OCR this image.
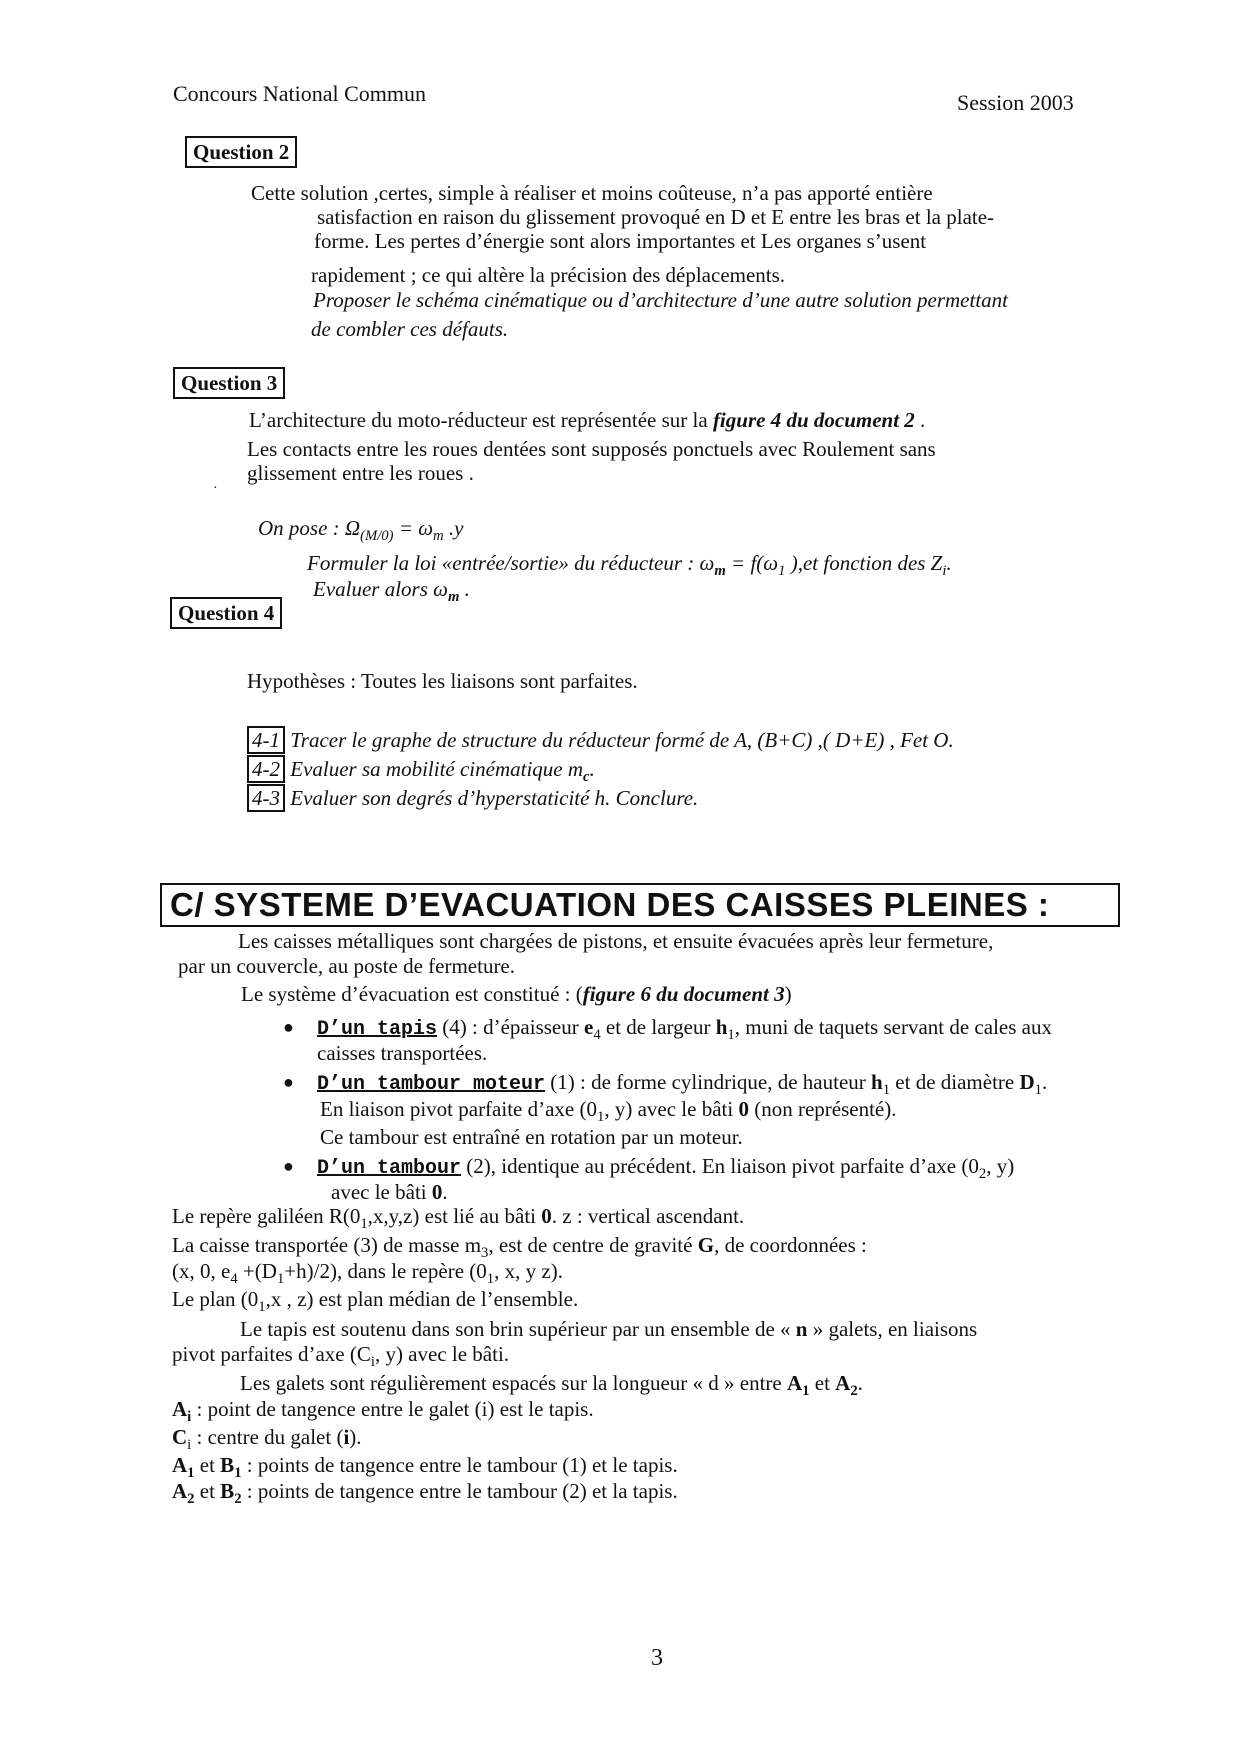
Concours National Commun	Session 2003
Question 2
Cette solution ,certes, simple à réaliser et moins coûteuse, n’a pas apporté entière
satisfaction en raison du glissement provoqué en D et E entre les bras et la plate-
forme. Les pertes d’énergie sont alors importantes et Les organes s’usent
rapidement ; ce qui altère la précision des déplacements.
Proposer le schéma cinématique ou d’architecture d’une autre solution permettant
de combler ces défauts.
Question 3
L’architecture du moto-réducteur est représentée sur la figure 4 du document 2 .
Les contacts entre les roues dentées sont supposés ponctuels avec Roulement sans
glissement entre les roues .
·
On pose : $\Omega_{(M/0)} = \omega_m$ .y
Formuler la loi «entrée/sortie» du réducteur : $\omega_m = f(\omega_1$ ),et fonction des $Z_i$.
Evaluer alors $\omega_m$ .
Question 4
Hypothèses : Toutes les liaisons sont parfaites.
4-1 Tracer le graphe de structure du réducteur formé de A, (B+C) ,( D+E) , Fet O.
4-2 Evaluer sa mobilité cinématique $m_c$.
4-3 Evaluer son degrés d’hyperstaticité h. Conclure.
C/ SYSTEME D’EVACUATION DES CAISSES PLEINES :
Les caisses métalliques sont chargées de pistons, et ensuite évacuées après leur fermeture,
par un couvercle, au poste de fermeture.
Le système d’évacuation est constitué : (figure 6 du document 3)
● D’un tapis (4) : d’épaisseur $e_4$ et de largeur $h_1$, muni de taquets servant de cales aux
caisses transportées.
● D’un tambour moteur (1) : de forme cylindrique, de hauteur $h_1$ et de diamètre $D_1$.
En liaison pivot parfaite d’axe ($0_1$, y) avec le bâti 0 (non représenté).
Ce tambour est entraîné en rotation par un moteur.
● D’un tambour (2), identique au précédent. En liaison pivot parfaite d’axe ($0_2$, y)
avec le bâti 0.
Le repère galiléen $R(0_1,x,y,z)$ est lié au bâti 0. z : vertical ascendant.
La caisse transportée (3) de masse $m_3$, est de centre de gravité G, de coordonnées :
(x, 0, $e_4 +(D_1+h)/2$), dans le repère ($0_1$, x, y z).
Le plan ($0_1,x$ , z) est plan médian de l’ensemble.
Le tapis est soutenu dans son brin supérieur par un ensemble de « n » galets, en liaisons
pivot parfaites d’axe ($C_i$, y) avec le bâti.
Les galets sont régulièrement espacés sur la longueur « d » entre $A_1$ et $A_2$.
$A_i$ : point de tangence entre le galet (i) est le tapis.
$C_i$ : centre du galet (i).
$A_1$ et $B_1$ : points de tangence entre le tambour (1) et le tapis.
$A_2$ et $B_2$ : points de tangence entre le tambour (2) et la tapis.
3
